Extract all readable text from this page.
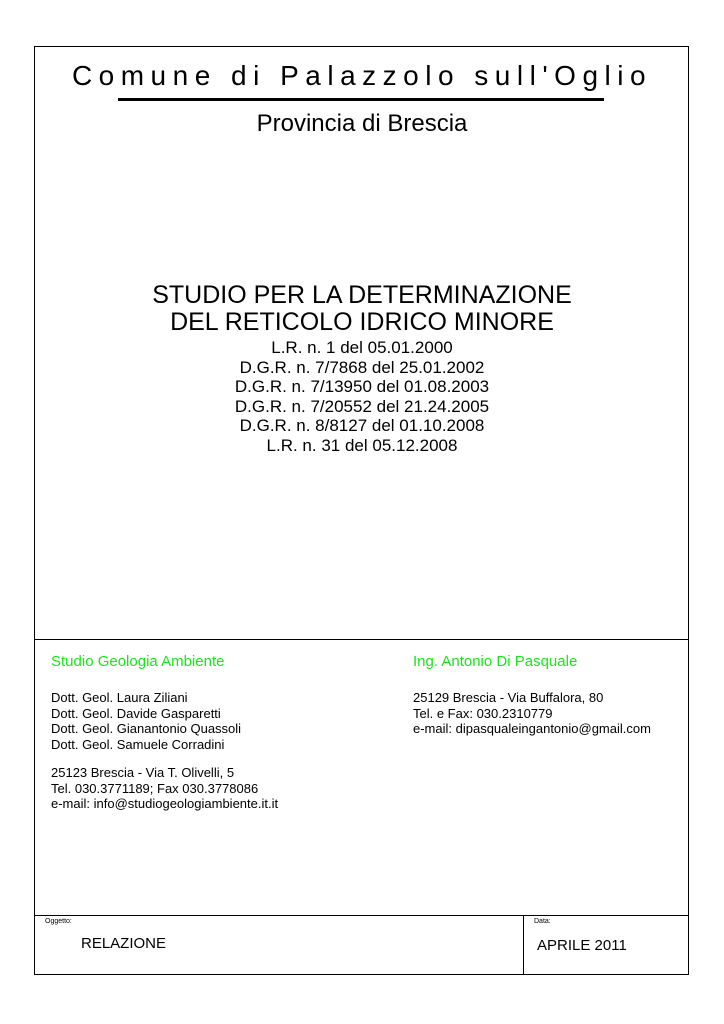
Comune di Palazzolo sull'Oglio
Provincia di Brescia
STUDIO PER LA DETERMINAZIONE
DEL RETICOLO IDRICO MINORE
L.R. n. 1 del 05.01.2000
D.G.R. n. 7/7868 del 25.01.2002
D.G.R. n. 7/13950 del 01.08.2003
D.G.R. n. 7/20552 del 21.24.2005
D.G.R. n. 8/8127 del 01.10.2008
L.R. n. 31 del 05.12.2008
Studio Geologia Ambiente	Ing. Antonio Di Pasquale
Dott. Geol. Laura Ziliani
Dott. Geol. Davide Gasparetti
Dott. Geol. Gianantonio Quassoli
Dott. Geol. Samuele Corradini
25123 Brescia - Via T. Olivelli, 5
Tel. 030.3771189; Fax 030.3778086
e-mail: info@studiogeologiambiente.it.it
25129 Brescia - Via Buffalora, 80
Tel. e Fax: 030.2310779
e-mail: dipasqualeingantonio@gmail.com
Oggetto:
RELAZIONE
Data:
APRILE 2011
